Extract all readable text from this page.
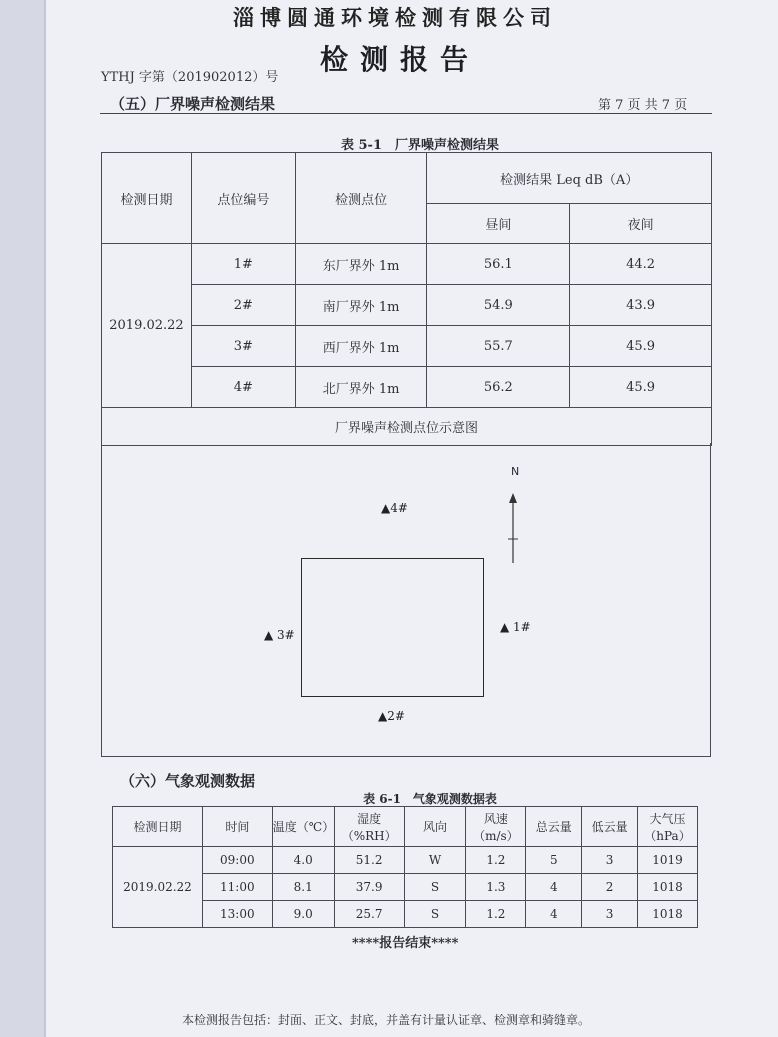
淄博圆通环境检测有限公司
检测报告
YTHJ 字第（201902012）号
（五）厂界噪声检测结果	第 7 页 共 7 页
表 5-1　厂界噪声检测结果
检测日期	点位编号	检测点位	检测结果 Leq dB（A）	
			昼间	夜间
2019.02.22	1#	东厂界外 1m	56.1	44.2
	2#	南厂界外 1m	54.9	43.9
	3#	西厂界外 1m	55.7	45.9
	4#	北厂界外 1m	56.2	45.9
厂界噪声检测点位示意图				
N
▲4#
▲ 1#
▲ 3#
▲2#
（六）气象观测数据
表 6-1　气象观测数据表
检测日期	时间	温度（℃）	湿度（%RH）	风向	风速（m/s）	总云量	低云量	大气压（hPa）
2019.02.22	09:00	4.0	51.2	W	1.2	5	3	1019
	11:00	8.1	37.9	S	1.3	4	2	1018
	13:00	9.0	25.7	S	1.2	4	3	1018
****报告结束****
本检测报告包括：封面、正文、封底，并盖有计量认证章、检测章和骑缝章。
